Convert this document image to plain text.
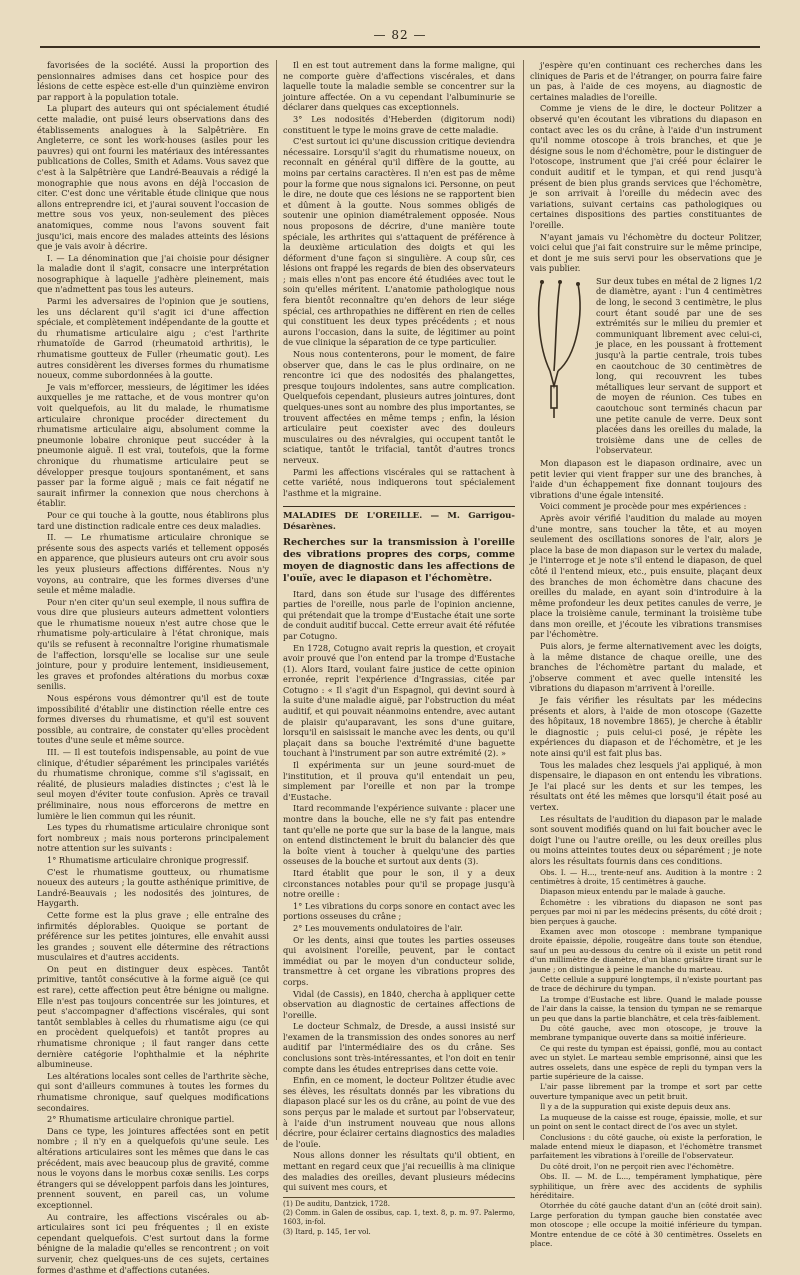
— 82 —

favorisées de la société. Aussi la proportion des pensionnaires admises dans cet hospice pour des lésions de cette espèce est-elle d'un quinzième environ par rapport à la population totale.

La plupart des auteurs qui ont spécialement étudié cette maladie, ont puisé leurs observations dans des établissements analogues à la Salpêtrière. En Angleterre, ce sont les work-houses (asiles pour les pauvres) qui ont fourni les matériaux des intéressantes publications de Colles, Smith et Adams. Vous savez que c'est à la Salpêtrière que Landré-Beauvais a rédigé la monographie que nous avons en déjà l'occasion de citer. C'est donc une véritable étude clinique que nous allons entreprendre ici, et j'aurai souvent l'occasion de mettre sous vos yeux, non-seulement des pièces anatomiques, comme nous l'avons souvent fait jusqu'ici, mais encore des malades atteints des lésions que je vais avoir à décrire.

I. — La dénomination que j'ai choisie pour désigner la maladie dont il s'agit, consacre une interprétation nosographique à laquelle j'adhère pleinement, mais que n'admettent pas tous les auteurs.

Parmi les adversaires de l'opinion que je soutiens, les uns déclarent qu'il s'agit ici d'une affection spéciale, et complètement indépendante de la goutte et du rhumatisme articulaire aigu ; c'est l'arthrite rhumatoïde de Garrod (rheumatoid arthritis), le rhumatisme goutteux de Fuller (rheumatic gout). Les autres considèrent les diverses formes du rhumatisme noueux, comme subordonnées à la goutte.

Je vais m'efforcer, messieurs, de légitimer les idées auxquelles je me rattache, et de vous montrer qu'on voit quelquefois, au lit du malade, le rhumatisme articulaire chronique procéder directement du rhumatisme articulaire aigu, absolument comme la pneumonie lobaire chronique peut succéder à la pneumonie aiguë. Il est vrai, toutefois, que la forme chronique du rhumatisme articulaire peut se développer presque toujours spontanément, et sans passer par la forme aiguë ; mais ce fait négatif ne saurait infirmer la connexion que nous cherchons à établir.

Pour ce qui touche à la goutte, nous établirons plus tard une distinction radicale entre ces deux maladies.

II. — Le rhumatisme articulaire chronique se présente sous des aspects variés et tellement opposés en apparence, que plusieurs auteurs ont cru avoir sous les yeux plusieurs affections différentes. Nous n'y voyons, au contraire, que les formes diverses d'une seule et même maladie.

Pour n'en citer qu'un seul exemple, il nous suffira de vous dire que plusieurs auteurs admettent volontiers que le rhumatisme noueux n'est autre chose que le rhumatisme poly-articulaire à l'état chronique, mais qu'ils se refusent à reconnaître l'origine rhumatismale de l'affection, lorsqu'elle se localise sur une seule jointure, pour y produire lentement, insidieusement, les graves et profondes altérations du morbus coxæ senilis.

Nous espérons vous démontrer qu'il est de toute impossibilité d'établir une distinction réelle entre ces formes diverses du rhumatisme, et qu'il est souvent possible, au contraire, de constater qu'elles procèdent toutes d'une seule et même source.

III. — Il est toutefois indispensable, au point de vue clinique, d'étudier séparément les principales variétés du rhumatisme chronique, comme s'il s'agissait, en réalité, de plusieurs maladies distinctes ; c'est là le seul moyen d'éviter toute confusion. Après ce travail préliminaire, nous nous efforcerons de mettre en lumière le lien commun qui les réunit.

Les types du rhumatisme articulaire chronique sont fort nombreux ; mais nous porterons principalement notre attention sur les suivants :

1° Rhumatisme articulaire chronique progressif.

C'est le rhumatisme goutteux, ou rhumatisme noueux des auteurs ; la goutte asthénique primitive, de Landré-Beauvais ; les nodosités des jointures, de Haygarth.

Cette forme est la plus grave ; elle entraîne des infirmités déplorables. Quoique se portant de préférence sur les petites jointures, elle envahit aussi les grandes ; souvent elle détermine des rétractions musculaires et d'autres accidents.

On peut en distinguer deux espèces. Tantôt primitive, tantôt consécutive à la forme aiguë (ce qui est rare), cette affection peut être bénigne ou maligne. Elle n'est pas toujours concentrée sur les jointures, et peut s'accompagner d'affections viscérales, qui sont tantôt semblables à celles du rhumatisme aigu (ce qui en procèdent quelquefois) et tantôt propres au rhumatisme chronique ; il faut ranger dans cette dernière catégorie l'ophthalmie et la néphrite albumineuse.

Les altérations locales sont celles de l'arthrite sèche, qui sont d'ailleurs communes à toutes les formes du rhumatisme chronique, sauf quelques modifications secondaires.

2° Rhumatisme articulaire chronique partiel.

Dans ce type, les jointures affectées sont en petit nombre ; il n'y en a quelquefois qu'une seule. Les altérations articulaires sont les mêmes que dans le cas précédent, mais avec beaucoup plus de gravité, comme nous le voyons dans le morbus coxæ senilis. Les corps étrangers qui se développent parfois dans les jointures, prennent souvent, en pareil cas, un volume exceptionnel.

Au contraire, les affections viscérales ou ab-articulaires sont ici peu fréquentes ; il en existe cependant quelquefois. C'est surtout dans la forme bénigne de la maladie qu'elles se rencontrent ; on voit survenir, chez quelques-uns de ces sujets, certaines formes d'asthme et d'affections cutanées.

Il en est tout autrement dans la forme maligne, qui ne comporte guère d'affections viscérales, et dans laquelle toute la maladie semble se concentrer sur la jointure affectée. On a vu cependant l'albuminurie se déclarer dans quelques cas exceptionnels.

3° Les nodosités d'Heberden (digitorum nodi) constituent le type le moins grave de cette maladie.

C'est surtout ici qu'une discussion critique deviendra nécessaire. Lorsqu'il s'agit du rhumatisme noueux, on reconnaît en général qu'il diffère de la goutte, au moins par certains caractères. Il n'en est pas de même pour la forme que nous signalons ici. Personne, on peut le dire, ne doute que ces lésions ne se rapportent bien et dûment à la goutte. Nous sommes obligés de soutenir une opinion diamétralement opposée. Nous nous proposons de décrire, d'une manière toute spéciale, les arthrites qui s'attaquent de préférence à la deuxième articulation des doigts et qui les déforment d'une façon si singulière. A coup sûr, ces lésions ont frappé les regards de bien des observateurs ; mais elles n'ont pas encore été étudiées avec tout le soin qu'elles méritent. L'anatomie pathologique nous fera bientôt reconnaître qu'en dehors de leur siége spécial, ces arthropathies ne diffèrent en rien de celles qui constituent les deux types précédents ; et nous aurons l'occasion, dans la suite, de légitimer au point de vue clinique la séparation de ce type particulier.

Nous nous contenterons, pour le moment, de faire observer que, dans le cas le plus ordinaire, on ne rencontre ici que des nodosités des phalangettes, presque toujours indolentes, sans autre complication. Quelquefois cependant, plusieurs autres jointures, dont quelques-unes sont au nombre des plus importantes, se trouvent affectées en même temps ; enfin, la lésion articulaire peut coexister avec des douleurs musculaires ou des névralgies, qui occupent tantôt le sciatique, tantôt le trifacial, tantôt d'autres troncs nerveux.

Parmi les affections viscérales qui se rattachent à cette variété, nous indiquerons tout spécialement l'asthme et la migraine.

MALADIES DE L'OREILLE. — M. Garrigou-Désarènes.
Recherches sur la transmission à l'oreille des vibrations propres des corps, comme moyen de diagnostic dans les affections de l'ouïe, avec le diapason et l'échomètre.

Itard, dans son étude sur l'usage des différentes parties de l'oreille, nous parle de l'opinion ancienne, qui prétendait que la trompe d'Eustache était une sorte de conduit auditif buccal. Cette erreur avait été réfutée par Cotugno.

En 1728, Cotugno avait repris la question, et croyait avoir prouvé que l'on entend par la trompe d'Eustache (1). Alors Itard, voulant faire justice de cette opinion erronée, reprit l'expérience d'Ingrassias, citée par Cotugno : « Il s'agit d'un Espagnol, qui devint sourd à la suite d'une maladie aiguë, par l'obstruction du méat auditif, et qui pouvait néanmoins entendre, avec autant de plaisir qu'auparavant, les sons d'une guitare, lorsqu'il en saisissait le manche avec les dents, ou qu'il plaçait dans sa bouche l'extrémité d'une baguette touchant à l'instrument par son autre extrémité (2). »

Il expérimenta sur un jeune sourd-muet de l'institution, et il prouva qu'il entendait un peu, simplement par l'oreille et non par la trompe d'Eustache.

Itard recommande l'expérience suivante : placer une montre dans la bouche, elle ne s'y fait pas entendre tant qu'elle ne porte que sur la base de la langue, mais on entend distinctement le bruit du balancier dès que la boîte vient à toucher à quelqu'une des parties osseuses de la bouche et surtout aux dents (3).

Itard établit que pour le son, il y a deux circonstances notables pour qu'il se propage jusqu'à notre oreille :

1° Les vibrations du corps sonore en contact avec les portions osseuses du crâne ;

2° Les mouvements ondulatoires de l'air.

Or les dents, ainsi que toutes les parties osseuses qui avoisinent l'oreille, peuvent, par le contact immédiat ou par le moyen d'un conducteur solide, transmettre à cet organe les vibrations propres des corps.

Vidal (de Cassis), en 1840, chercha à appliquer cette observation au diagnostic de certaines affections de l'oreille.

Le docteur Schmalz, de Dresde, a aussi insisté sur l'examen de la transmission des ondes sonores au nerf auditif par l'intermédiaire des os du crâne. Ses conclusions sont très-intéressantes, et l'on doit en tenir compte dans les études entreprises dans cette voie.

Enfin, en ce moment, le docteur Politzer étudie avec ses élèves, les résultats donnés par les vibrations du diapason placé sur les os du crâne, au point de vue des sons perçus par le malade et surtout par l'observateur, à l'aide d'un instrument nouveau que nous allons décrire, pour éclairer certains diagnostics des maladies de l'ouïe.

Nous allons donner les résultats qu'il obtient, en mettant en regard ceux que j'ai recueillis à ma clinique des maladies des oreilles, devant plusieurs médecins qui suivent mes cours, et

(1) De auditu, Dantzick, 1728.

(2) Comm. in Galen de ossibus, cap. 1, text. 8, p. m. 97. Palermo, 1603, in-fol.

(3) Itard, p. 145, 1er vol.

j'espère qu'en continuant ces recherches dans les cliniques de Paris et de l'étranger, on pourra faire faire un pas, à l'aide de ces moyens, au diagnostic de certaines maladies de l'oreille.

Comme je viens de le dire, le docteur Politzer a observé qu'en écoutant les vibrations du diapason en contact avec les os du crâne, à l'aide d'un instrument qu'il nomme otoscope à trois branches, et que je désigne sous le nom d'échomètre, pour le distinguer de l'otoscope, instrument que j'ai créé pour éclairer le conduit auditif et le tympan, et qui rend jusqu'à présent de bien plus grands services que l'échomètre, je son arrivait à l'oreille du médecin avec des variations, suivant certains cas pathologiques ou certaines dispositions des parties constituantes de l'oreille.

N'ayant jamais vu l'échomètre du docteur Politzer, voici celui que j'ai fait construire sur le même principe, et dont je me suis servi pour les observations que je vais publier.

Sur deux tubes en métal de 2 lignes 1/2 de diamètre, ayant : l'un 4 centimètres de long, le second 3 centimètre, le plus court étant soudé par une de ses extrémités sur le milieu du premier et communiquant librement avec celui-ci, je place, en les poussant à frottement jusqu'à la partie centrale, trois tubes en caoutchouc de 30 centimètres de long, qui recouvrent les tubes métalliques leur servant de support et de moyen de réunion. Ces tubes en caoutchouc sont terminés chacun par une petite canule de verre. Deux sont placées dans les oreilles du malade, la troisième dans une de celles de l'observateur.

Mon diapason est le diapason ordinaire, avec un petit levier qui vient frapper sur une des branches, à l'aide d'un échappement fixe donnant toujours des vibrations d'une égale intensité.

Voici comment je procède pour mes expériences :

Après avoir vérifié l'audition du malade au moyen d'une montre, sans toucher la tête, et au moyen seulement des oscillations sonores de l'air, alors je place la base de mon diapason sur le vertex du malade, je l'interroge et je note s'il entend le diapason, de quel côté il l'entend mieux, etc., puis ensuite, plaçant deux des branches de mon échomètre dans chacune des oreilles du malade, en ayant soin d'introduire à la même profondeur les deux petites canules de verre, je place la troisième canule, terminant la troisième tube dans mon oreille, et j'écoute les vibrations transmises par l'échomètre.

Puis alors, je ferme alternativement avec les doigts, à la même distance de chaque oreille, une des branches de l'échomètre partant du malade, et j'observe comment et avec quelle intensité les vibrations du diapason m'arrivent à l'oreille.

Je fais vérifier les résultats par les médecins présents et alors, à l'aide de mon otoscope (Gazette des hôpitaux, 18 novembre 1865), je cherche à établir le diagnostic ; puis celui-ci posé, je répète les expériences du diapason et de l'échomètre, et je les note ainsi qu'il est fait plus bas.

Tous les malades chez lesquels j'ai appliqué, à mon dispensaire, le diapason en ont entendu les vibrations. Je l'ai placé sur les dents et sur les tempes, les résultats ont été les mêmes que lorsqu'il était posé au vertex.

Les résultats de l'audition du diapason par le malade sont souvent modifiés quand on lui fait boucher avec le doigt l'une ou l'autre oreille, ou les deux oreilles plus ou moins atteintes toutes deux ou séparément ; je note alors les résultats fournis dans ces conditions.

Obs. I. — H..., trente-neuf ans. Audition à la montre : 2 centimètres à droite, 15 centimètres à gauche.

Diapason mieux entendu par le malade à gauche.

Échomètre : les vibrations du diapason ne sont pas perçues par moi ni par les médecins présents, du côté droit ; bien perçues à gauche.

Examen avec mon otoscope : membrane tympanique droite épaissie, dépolie, rougeâtre dans toute son étendue, sauf un peu au-dessous du centre où il existe un petit rond d'un millimètre de diamètre, d'un blanc grisâtre tirant sur le jaune ; on distingue à peine le manche du marteau.

Cette cellule a suppuré longtemps, il n'existe pourtant pas de trace de déchirure du tympan.

La trompe d'Eustache est libre. Quand le malade pousse de l'air dans la caisse, la tension du tympan ne se remarque un peu que dans la partie blanchâtre, et cela très-faiblement.

Du côté gauche, avec mon otoscope, je trouve la membrane tympanique ouverte dans sa moitié inférieure.

Ce qui reste du tympan est épaissi, gonflé, mou au contact avec un stylet. Le marteau semble emprisonné, ainsi que les autres osselets, dans une espèce de repli du tympan vers la partie supérieure de la caisse.

L'air passe librement par la trompe et sort par cette ouverture tympanique avec un petit bruit.

Il y a de la suppuration qui existe depuis deux ans.

La muqueuse de la caisse est rouge, épaissie, molle, et sur un point on sent le contact direct de l'os avec un stylet.

Conclusions : du côté gauche, où existe la perforation, le malade entend mieux le diapason, et l'échomètre transmet parfaitement les vibrations à l'oreille de l'observateur.

Du côté droit, l'on ne perçoit rien avec l'échomètre.

Obs. II. — M. de L..., tempérament lymphatique, père syphilitique, un frère avec des accidents de syphilis héréditaire.

Otorrhée du côté gauche datant d'un an (côté droit sain). Large perforation du tympan gauche bien constatée avec mon otoscope ; elle occupe la moitié inférieure du tympan. Montre entendue de ce côté à 30 centimètres. Osselets en place.
